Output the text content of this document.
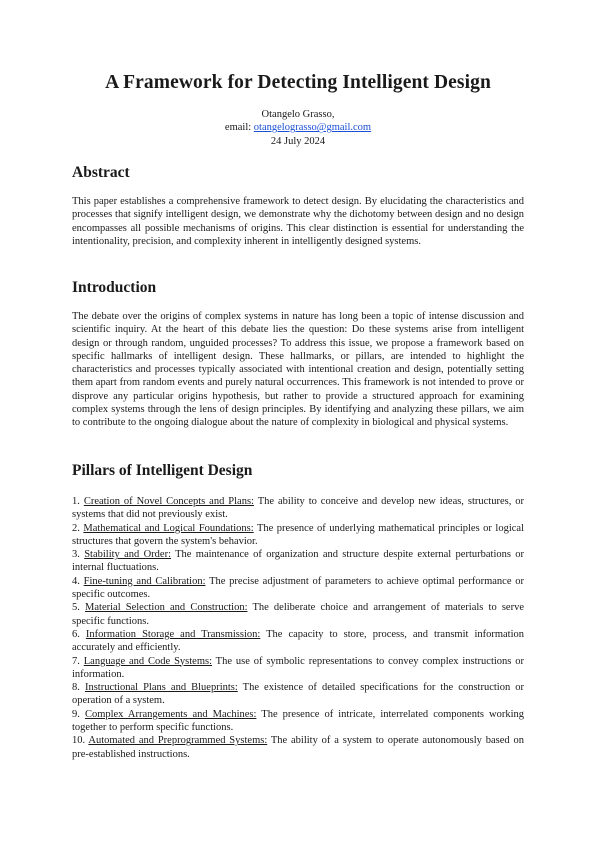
A Framework for Detecting Intelligent Design
Otangelo Grasso,
email: otangelograsso@gmail.com
24 July 2024
Abstract

This paper establishes a comprehensive framework to detect design. By elucidating the characteristics and processes that signify intelligent design, we demonstrate why the dichotomy between design and no design encompasses all possible mechanisms of origins. This clear distinction is essential for understanding the intentionality, precision, and complexity inherent in intelligently designed systems.

Introduction

The debate over the origins of complex systems in nature has long been a topic of intense discussion and scientific inquiry. At the heart of this debate lies the question: Do these systems arise from intelligent design or through random, unguided processes? To address this issue, we propose a framework based on specific hallmarks of intelligent design. These hallmarks, or pillars, are intended to highlight the characteristics and processes typically associated with intentional creation and design, potentially setting them apart from random events and purely natural occurrences. This framework is not intended to prove or disprove any particular origins hypothesis, but rather to provide a structured approach for examining complex systems through the lens of design principles. By identifying and analyzing these pillars, we aim to contribute to the ongoing dialogue about the nature of complexity in biological and physical systems.

Pillars of Intelligent Design
1. Creation of Novel Concepts and Plans: The ability to conceive and develop new ideas, structures, or systems that did not previously exist.
2. Mathematical and Logical Foundations: The presence of underlying mathematical principles or logical structures that govern the system's behavior.
3. Stability and Order: The maintenance of organization and structure despite external perturbations or internal fluctuations.
4. Fine-tuning and Calibration: The precise adjustment of parameters to achieve optimal performance or specific outcomes.
5. Material Selection and Construction: The deliberate choice and arrangement of materials to serve specific functions.
6. Information Storage and Transmission: The capacity to store, process, and transmit information accurately and efficiently.
7. Language and Code Systems: The use of symbolic representations to convey complex instructions or information.
8. Instructional Plans and Blueprints: The existence of detailed specifications for the construction or operation of a system.
9. Complex Arrangements and Machines: The presence of intricate, interrelated components working together to perform specific functions.
10. Automated and Preprogrammed Systems: The ability of a system to operate autonomously based on pre-established instructions.
